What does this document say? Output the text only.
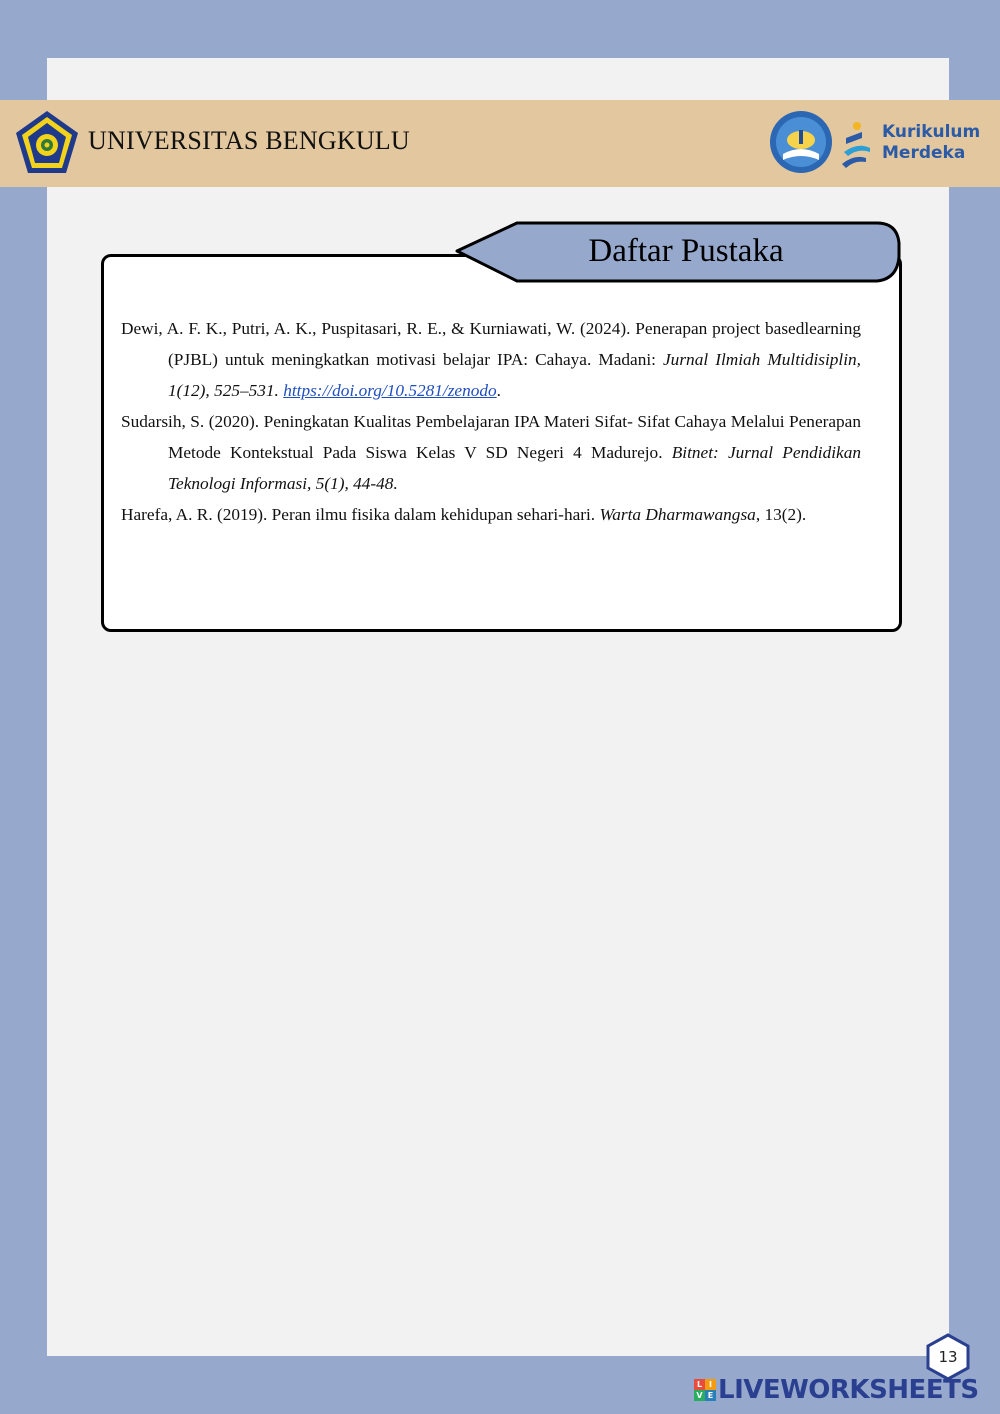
UNIVERSITAS BENGKULU	Kurikulum
Merdeka
Daftar Pustaka

Dewi, A. F. K., Putri, A. K., Puspitasari, R. E., & Kurniawati, W. (2024). Penerapan project basedlearning (PJBL) untuk meningkatkan motivasi belajar IPA: Cahaya. Madani: Jurnal Ilmiah Multidisiplin, 1(12), 525–531. https://doi.org/10.5281/zenodo.

Sudarsih, S. (2020). Peningkatan Kualitas Pembelajaran IPA Materi Sifat- Sifat Cahaya Melalui Penerapan Metode Kontekstual Pada Siswa Kelas V SD Negeri 4 Madurejo. Bitnet: Jurnal Pendidikan Teknologi Informasi, 5(1), 44-48.

Harefa, A. R. (2019). Peran ilmu fisika dalam kehidupan sehari-hari. Warta Dharmawangsa, 13(2).

13
L I
V E LIVEWORKSHEETS
